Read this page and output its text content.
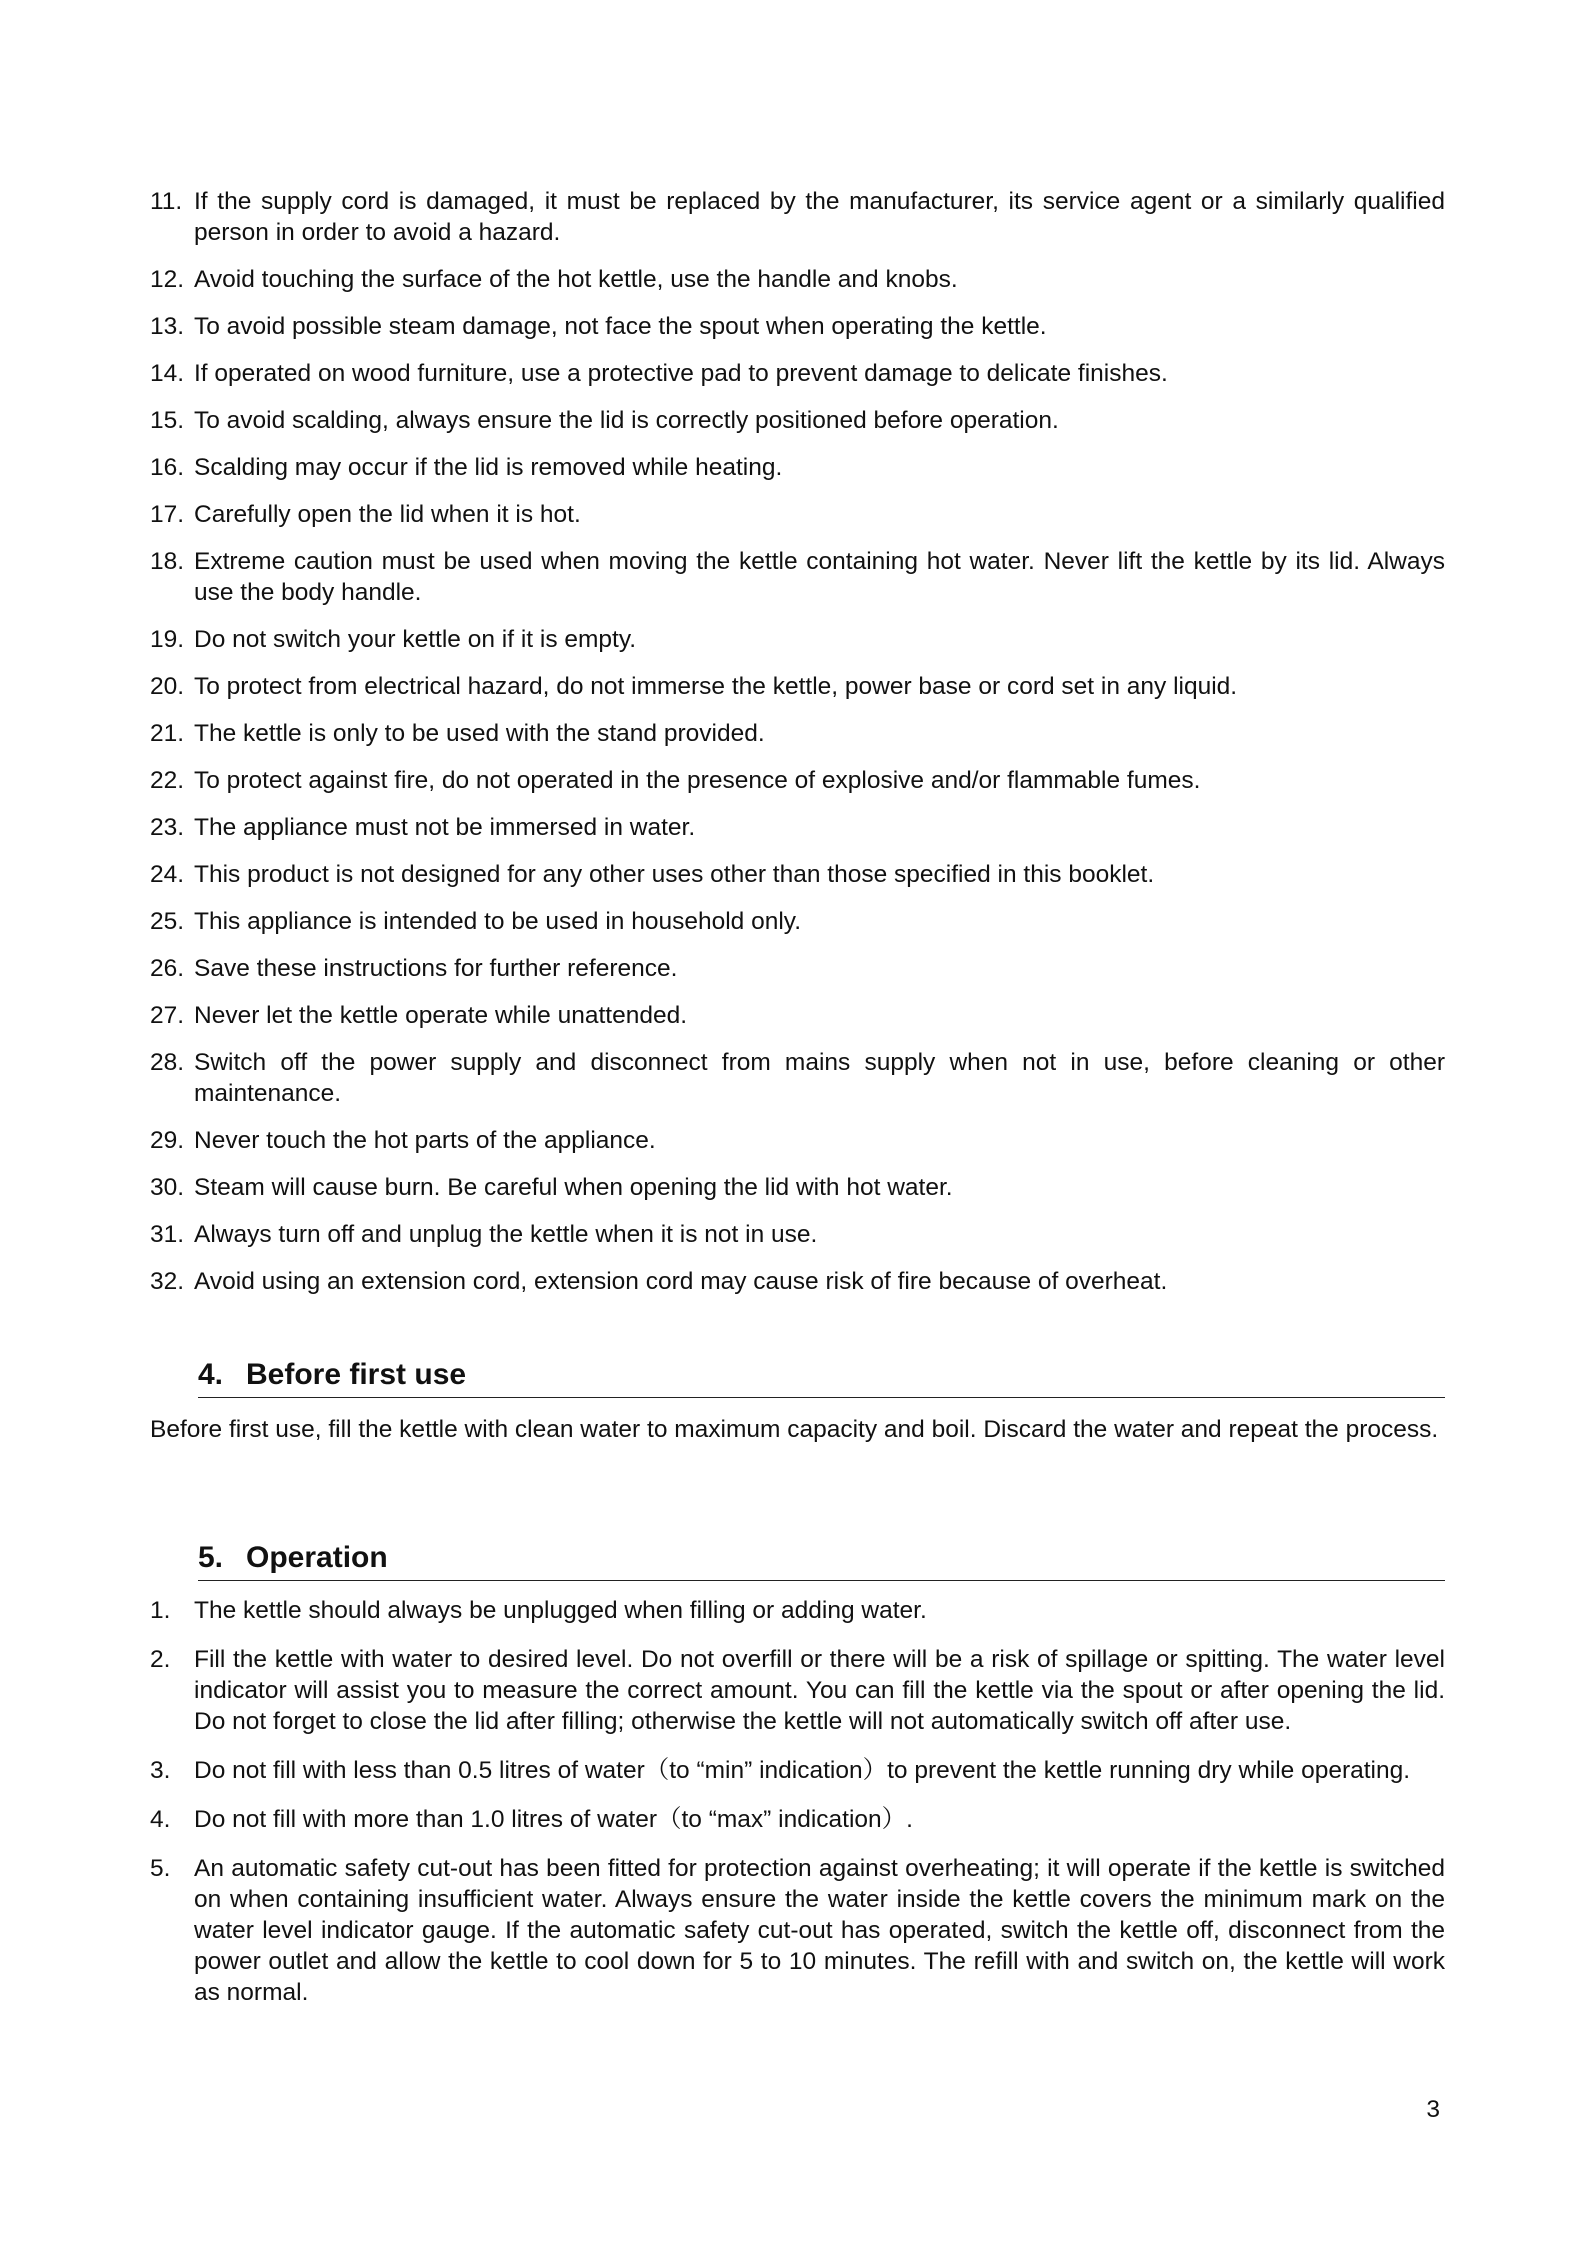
11. If the supply cord is damaged, it must be replaced by the manufacturer, its service agent or a similarly qualified person in order to avoid a hazard.
12. Avoid touching the surface of the hot kettle, use the handle and knobs.
13. To avoid possible steam damage, not face the spout when operating the kettle.
14. If operated on wood furniture, use a protective pad to prevent damage to delicate finishes.
15. To avoid scalding, always ensure the lid is correctly positioned before operation.
16. Scalding may occur if the lid is removed while heating.
17. Carefully open the lid when it is hot.
18. Extreme caution must be used when moving the kettle containing hot water. Never lift the kettle by its lid. Always use the body handle.
19. Do not switch your kettle on if it is empty.
20. To protect from electrical hazard, do not immerse the kettle, power base or cord set in any liquid.
21. The kettle is only to be used with the stand provided.
22. To protect against fire, do not operated in the presence of explosive and/or flammable fumes.
23. The appliance must not be immersed in water.
24. This product is not designed for any other uses other than those specified in this booklet.
25. This appliance is intended to be used in household only.
26. Save these instructions for further reference.
27. Never let the kettle operate while unattended.
28. Switch off the power supply and disconnect from mains supply when not in use, before cleaning or other maintenance.
29. Never touch the hot parts of the appliance.
30. Steam will cause burn. Be careful when opening the lid with hot water.
31. Always turn off and unplug the kettle when it is not in use.
32. Avoid using an extension cord, extension cord may cause risk of fire because of overheat.
4. Before first use

Before first use, fill the kettle with clean water to maximum capacity and boil. Discard the water and repeat the process.

5. Operation
1. The kettle should always be unplugged when filling or adding water.
2. Fill the kettle with water to desired level. Do not overfill or there will be a risk of spillage or spitting. The water level indicator will assist you to measure the correct amount. You can fill the kettle via the spout or after opening the lid. Do not forget to close the lid after filling; otherwise the kettle will not automatically switch off after use.
3. Do not fill with less than 0.5 litres of water（to “min” indication）to prevent the kettle running dry while operating.
4. Do not fill with more than 1.0 litres of water（to “max” indication）.
5. An automatic safety cut-out has been fitted for protection against overheating; it will operate if the kettle is switched on when containing insufficient water. Always ensure the water inside the kettle covers the minimum mark on the water level indicator gauge. If the automatic safety cut-out has operated, switch the kettle off, disconnect from the power outlet and allow the kettle to cool down for 5 to 10 minutes. The refill with and switch on, the kettle will work as normal.
3
